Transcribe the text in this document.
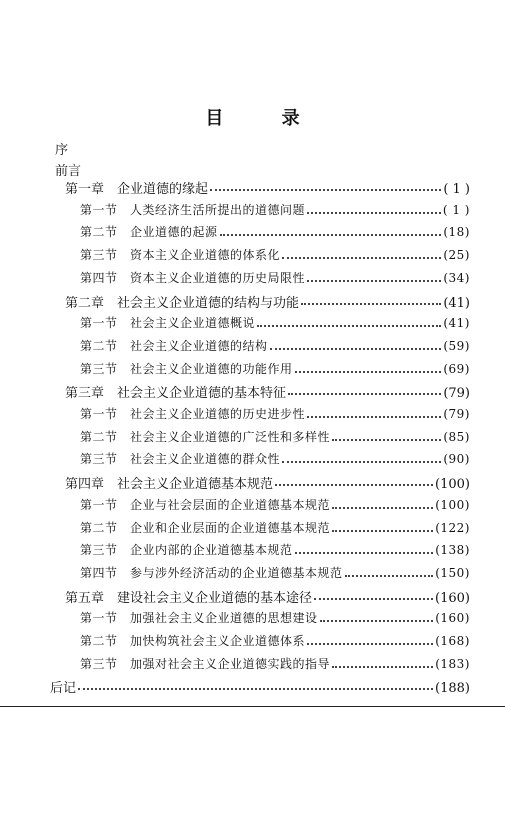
目 录
序
前言
第一章　企业道德的缘起	( 1 )
第一节　人类经济生活所提出的道德问题	( 1 )
第二节　企业道德的起源	(18)
第三节　资本主义企业道德的体系化	(25)
第四节　资本主义企业道德的历史局限性	(34)
第二章　社会主义企业道德的结构与功能	(41)
第一节　社会主义企业道德概说	(41)
第二节　社会主义企业道德的结构	(59)
第三节　社会主义企业道德的功能作用	(69)
第三章　社会主义企业道德的基本特征	(79)
第一节　社会主义企业道德的历史进步性	(79)
第二节　社会主义企业道德的广泛性和多样性	(85)
第三节　社会主义企业道德的群众性	(90)
第四章　社会主义企业道德基本规范	(100)
第一节　企业与社会层面的企业道德基本规范	(100)
第二节　企业和企业层面的企业道德基本规范	(122)
第三节　企业内部的企业道德基本规范	(138)
第四节　参与涉外经济活动的企业道德基本规范	(150)
第五章　建设社会主义企业道德的基本途径	(160)
第一节　加强社会主义企业道德的思想建设	(160)
第二节　加快构筑社会主义企业道德体系	(168)
第三节　加强对社会主义企业道德实践的指导	(183)
后记	(188)
